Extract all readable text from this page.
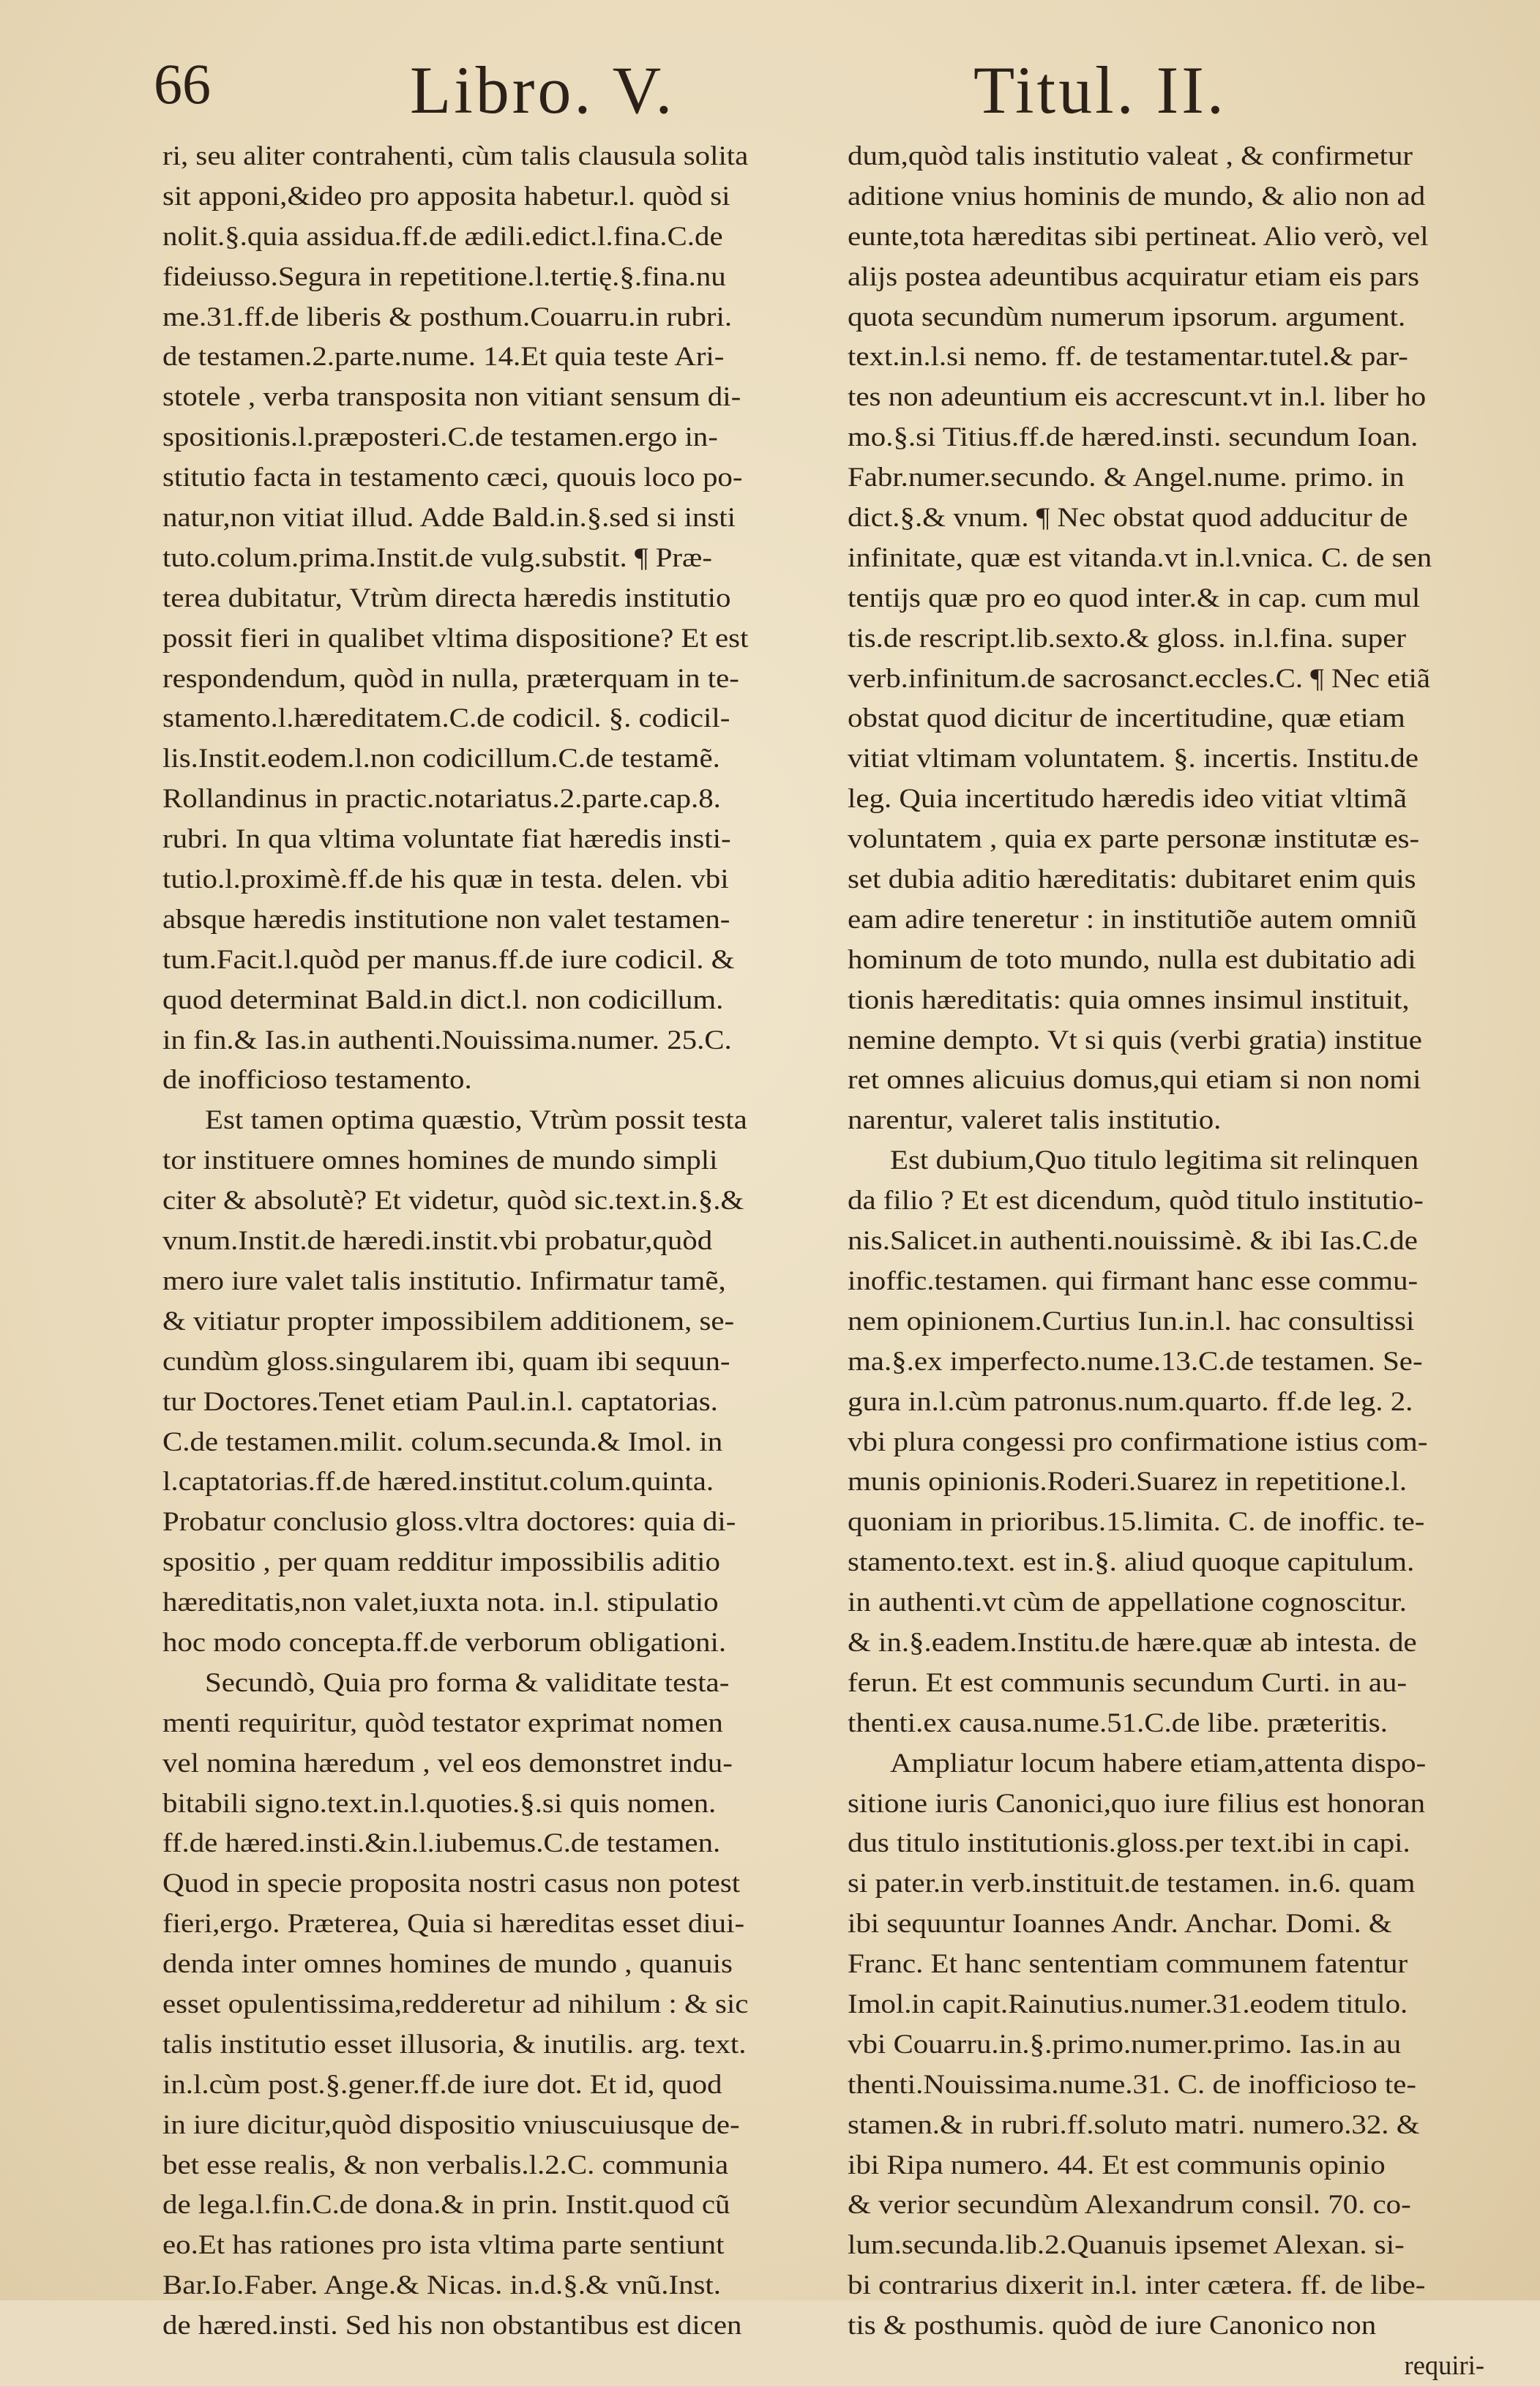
66	Libro. V.	Titul. II.
ri, seu aliter contrahenti, cùm talis clausula solita
sit apponi,&ideo pro apposita habetur.l. quòd si
nolit.§.quia assidua.ff.de ædili.edict.l.fina.C.de
fideiusso.Segura in repetitione.l.tertię.§.fina.nu
me.31.ff.de liberis & posthum.Couarru.in rubri.
de testamen.2.parte.nume. 14.Et quia teste Ari-
stotele , verba transposita non vitiant sensum di-
spositionis.l.præposteri.C.de testamen.ergo in-
stitutio facta in testamento cæci, quouis loco po-
natur,non vitiat illud. Adde Bald.in.§.sed si insti
tuto.colum.prima.Instit.de vulg.substit. ¶ Præ-
terea dubitatur, Vtrùm directa hæredis institutio
possit fieri in qualibet vltima dispositione? Et est
respondendum, quòd in nulla, præterquam in te-
stamento.l.hæreditatem.C.de codicil. §. codicil-
lis.Instit.eodem.l.non codicillum.C.de testamẽ.
Rollandinus in practic.notariatus.2.parte.cap.8.
rubri. In qua vltima voluntate fiat hæredis insti-
tutio.l.proximè.ff.de his quæ in testa. delen. vbi
absque hæredis institutione non valet testamen-
tum.Facit.l.quòd per manus.ff.de iure codicil. &
quod determinat Bald.in dict.l. non codicillum.
in fin.& Ias.in authenti.Nouissima.numer. 25.C.
de inofficioso testamento.
Est tamen optima quæstio, Vtrùm possit testa
tor instituere omnes homines de mundo simpli
citer & absolutè? Et videtur, quòd sic.text.in.§.&
vnum.Instit.de hæredi.instit.vbi probatur,quòd
mero iure valet talis institutio. Infirmatur tamẽ,
& vitiatur propter impossibilem additionem, se-
cundùm gloss.singularem ibi, quam ibi sequun-
tur Doctores.Tenet etiam Paul.in.l. captatorias.
C.de testamen.milit. colum.secunda.& Imol. in
l.captatorias.ff.de hæred.institut.colum.quinta.
Probatur conclusio gloss.vltra doctores: quia di-
spositio , per quam redditur impossibilis aditio
hæreditatis,non valet,iuxta nota. in.l. stipulatio
hoc modo concepta.ff.de verborum obligationi.
Secundò, Quia pro forma & validitate testa-
menti requiritur, quòd testator exprimat nomen
vel nomina hæredum , vel eos demonstret indu-
bitabili signo.text.in.l.quoties.§.si quis nomen.
ff.de hæred.insti.&in.l.iubemus.C.de testamen.
Quod in specie proposita nostri casus non potest
fieri,ergo. Præterea, Quia si hæreditas esset diui-
denda inter omnes homines de mundo , quanuis
esset opulentissima,redderetur ad nihilum : & sic
talis institutio esset illusoria, & inutilis. arg. text.
in.l.cùm post.§.gener.ff.de iure dot. Et id, quod
in iure dicitur,quòd dispositio vniuscuiusque de-
bet esse realis, & non verbalis.l.2.C. communia
de lega.l.fin.C.de dona.& in prin. Instit.quod cũ
eo.Et has rationes pro ista vltima parte sentiunt
Bar.Io.Faber. Ange.& Nicas. in.d.§.& vnũ.Inst.
de hæred.insti. Sed his non obstantibus est dicen
dum,quòd talis institutio valeat , & confirmetur
aditione vnius hominis de mundo, & alio non ad
eunte,tota hæreditas sibi pertineat. Alio verò, vel
alijs postea adeuntibus acquiratur etiam eis pars
quota secundùm numerum ipsorum. argument.
text.in.l.si nemo. ff. de testamentar.tutel.& par-
tes non adeuntium eis accrescunt.vt in.l. liber ho
mo.§.si Titius.ff.de hæred.insti. secundum Ioan.
Fabr.numer.secundo. & Angel.nume. primo. in
dict.§.& vnum. ¶ Nec obstat quod adducitur de
infinitate, quæ est vitanda.vt in.l.vnica. C. de sen
tentijs quæ pro eo quod inter.& in cap. cum mul
tis.de rescript.lib.sexto.& gloss. in.l.fina. super
verb.infinitum.de sacrosanct.eccles.C. ¶ Nec etiã
obstat quod dicitur de incertitudine, quæ etiam
vitiat vltimam voluntatem. §. incertis. Institu.de
leg. Quia incertitudo hæredis ideo vitiat vltimã
voluntatem , quia ex parte personæ institutæ es-
set dubia aditio hæreditatis: dubitaret enim quis
eam adire teneretur : in institutiõe autem omniũ
hominum de toto mundo, nulla est dubitatio adi
tionis hæreditatis: quia omnes insimul instituit,
nemine dempto. Vt si quis (verbi gratia) institue
ret omnes alicuius domus,qui etiam si non nomi
narentur, valeret talis institutio.
Est dubium,Quo titulo legitima sit relinquen
da filio ? Et est dicendum, quòd titulo institutio-
nis.Salicet.in authenti.nouissimè. & ibi Ias.C.de
inoffic.testamen. qui firmant hanc esse commu-
nem opinionem.Curtius Iun.in.l. hac consultissi
ma.§.ex imperfecto.nume.13.C.de testamen. Se-
gura in.l.cùm patronus.num.quarto. ff.de leg. 2.
vbi plura congessi pro confirmatione istius com-
munis opinionis.Roderi.Suarez in repetitione.l.
quoniam in prioribus.15.limita. C. de inoffic. te-
stamento.text. est in.§. aliud quoque capitulum.
in authenti.vt cùm de appellatione cognoscitur.
& in.§.eadem.Institu.de hære.quæ ab intesta. de
ferun. Et est communis secundum Curti. in au-
thenti.ex causa.nume.51.C.de libe. præteritis.
Ampliatur locum habere etiam,attenta dispo-
sitione iuris Canonici,quo iure filius est honoran
dus titulo institutionis.gloss.per text.ibi in capi.
si pater.in verb.instituit.de testamen. in.6. quam
ibi sequuntur Ioannes Andr. Anchar. Domi. &
Franc. Et hanc sententiam communem fatentur
Imol.in capit.Rainutius.numer.31.eodem titulo.
vbi Couarru.in.§.primo.numer.primo. Ias.in au
thenti.Nouissima.nume.31. C. de inofficioso te-
stamen.& in rubri.ff.soluto matri. numero.32. &
ibi Ripa numero. 44. Et est communis opinio
& verior secundùm Alexandrum consil. 70. co-
lum.secunda.lib.2.Quanuis ipsemet Alexan. si-
bi contrarius dixerit in.l. inter cætera. ff. de libe-
tis & posthumis. quòd de iure Canonico non
requiri-
